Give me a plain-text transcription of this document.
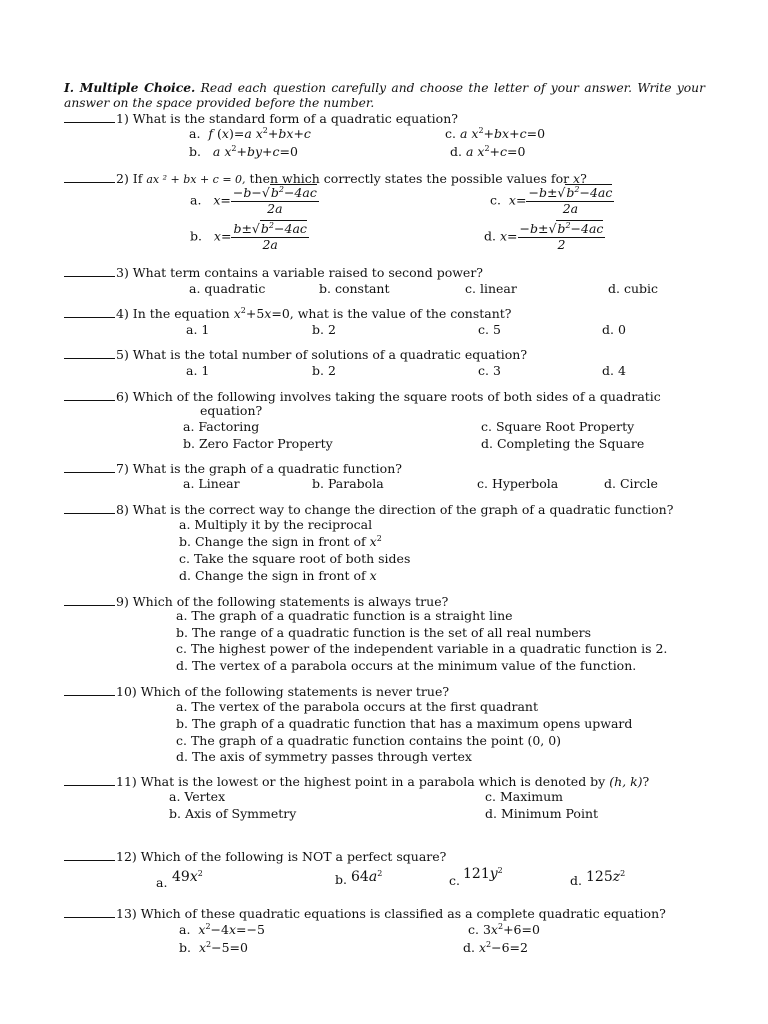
I. Multiple Choice. Read each question carefully and choose the letter of your answer. Write your answer on the space provided before the number.
1) What is the standard form of a quadratic equation?
a. f (x)=a $x^2+bx+c$	c. a $x^2+bx+c=0$
b. a $x^2+by+c=0$	d. a $x^2+c=0$
2) If ax ² + bx + c = 0, then which correctly states the possible values for x?
a.   $x= \frac{-b-√b^2-4ac}{2a}$	c.  $x= \frac{-b\pm√b^2-4ac}{2a}$
b.   $x= \frac{b\pm√b^2-4ac}{2a}$	d. $x= \frac{-b\pm√b^2-4ac}{2}$
3) What term contains a variable raised to second power?
a. quadratic	b. constant	c. linear	d. cubic
4) In the equation $x^2+5x=0$, what is the value of the constant?
a. 1	b. 2	c. 5	d. 0
5) What is the total number of solutions of a quadratic equation?
a. 1	b. 2	c. 3	d. 4
6) Which of the following involves taking the square roots of both sides of a quadratic
equation?
a. Factoring
b. Zero Factor Property
c. Square Root Property
d. Completing the Square
7) What is the graph of a quadratic function?
a. Linear	b. Parabola	c. Hyperbola	d. Circle
8) What is the correct way to change the direction of the graph of a quadratic function?
a. Multiply it by the reciprocal
b. Change the sign in front of $x^2$
c. Take the square root of both sides
d. Change the sign in front of x
9) Which of the following statements is always true?
a. The graph of a quadratic function is a straight line
b. The range of a quadratic function is the set of all real numbers
c. The highest power of the independent variable in a quadratic function is 2.
d. The vertex of a parabola occurs at the minimum value of the function.
10) Which of the following statements is never true?
a. The vertex of the parabola occurs at the first quadrant
b. The graph of a quadratic function that has a maximum opens upward
c. The graph of a quadratic function contains the point (0, 0)
d. The axis of symmetry passes through vertex
11) What is the lowest or the highest point in a parabola which is denoted by (h, k)?
a. Vertex
b. Axis of Symmetry
c. Maximum
d. Minimum Point
12) Which of the following is NOT a perfect square?
a. $49x^2$	b. $64a^2$	c. $121y^2$
d. $125z^2$
13) Which of these quadratic equations is classified as a complete quadratic equation?
a. $x^2-4x=-5$
b. $x^2-5=0$
c. $3x^2+6=0$
d. $x^2-6=2$
